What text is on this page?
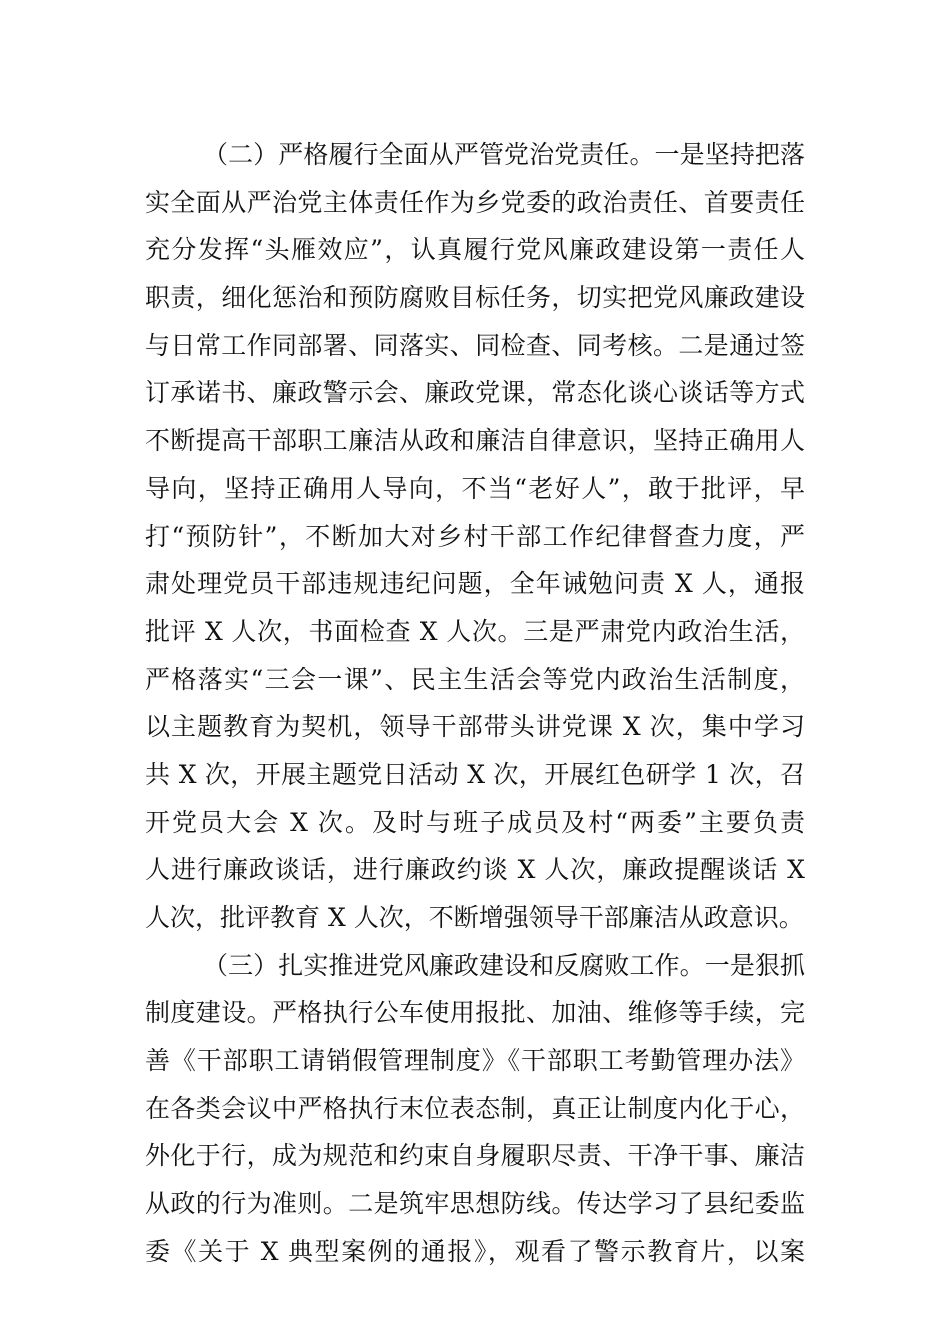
（二）严格履行全面从严管党治党责任。一是坚持把落
实全面从严治党主体责任作为乡党委的政治责任、首要责任
充分发挥“头雁效应”，认真履行党风廉政建设第一责任人
职责，细化惩治和预防腐败目标任务，切实把党风廉政建设
与日常工作同部署、同落实、同检查、同考核。二是通过签
订承诺书、廉政警示会、廉政党课，常态化谈心谈话等方式
不断提高干部职工廉洁从政和廉洁自律意识，坚持正确用人
导向，坚持正确用人导向，不当“老好人”，敢于批评，早
打“预防针”，不断加大对乡村干部工作纪律督查力度，严
肃处理党员干部违规违纪问题，全年诫勉问责 X 人，通报
批评 X 人次，书面检查 X 人次。三是严肃党内政治生活，
严格落实“三会一课”、民主生活会等党内政治生活制度，
以主题教育为契机，领导干部带头讲党课 X 次，集中学习
共 X 次，开展主题党日活动 X 次，开展红色研学 1 次，召
开党员大会 X 次。及时与班子成员及村“两委”主要负责
人进行廉政谈话，进行廉政约谈 X 人次，廉政提醒谈话 X
人次，批评教育 X 人次，不断增强领导干部廉洁从政意识。
（三）扎实推进党风廉政建设和反腐败工作。一是狠抓
制度建设。严格执行公车使用报批、加油、维修等手续，完
善《干部职工请销假管理制度》《干部职工考勤管理办法》
在各类会议中严格执行末位表态制，真正让制度内化于心，
外化于行，成为规范和约束自身履职尽责、干净干事、廉洁
从政的行为准则。二是筑牢思想防线。传达学习了县纪委监
委《关于 X 典型案例的通报》，观看了警示教育片，以案
